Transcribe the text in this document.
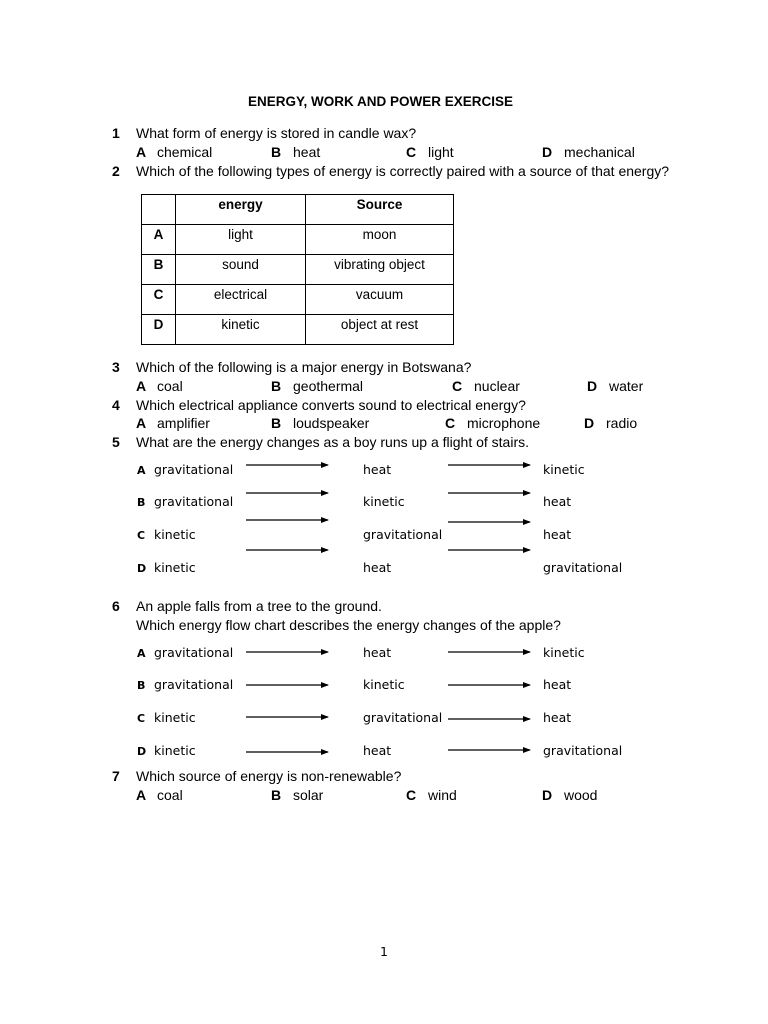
ENERGY, WORK AND POWER EXERCISE
1 What form of energy is stored in candle wax?
A chemical	B heat	C light	D mechanical
2 Which of the following types of energy is correctly paired with a source of that energy?
	energy	Source
A	light	moon
B	sound	vibrating object
C	electrical	vacuum
D	kinetic	object at rest
3 Which of the following is a major energy in Botswana?
A coal	B geothermal	C nuclear	D water
4 Which electrical appliance converts sound to electrical energy?
A amplifier	B loudspeaker	C microphone	D radio
5 What are the energy changes as a boy runs up a flight of stairs.
A gravitational	heat	kinetic
B gravitational	kinetic	heat
C kinetic	gravitational	heat
D kinetic	heat	gravitational
6 An apple falls from a tree to the ground.
Which energy flow chart describes the energy changes of the apple?
A gravitational	heat	kinetic
B gravitational	kinetic	heat
C kinetic	gravitational	heat
D kinetic	heat	gravitational
7 Which source of energy is non-renewable?
A coal	B solar	C wind	D wood
1
